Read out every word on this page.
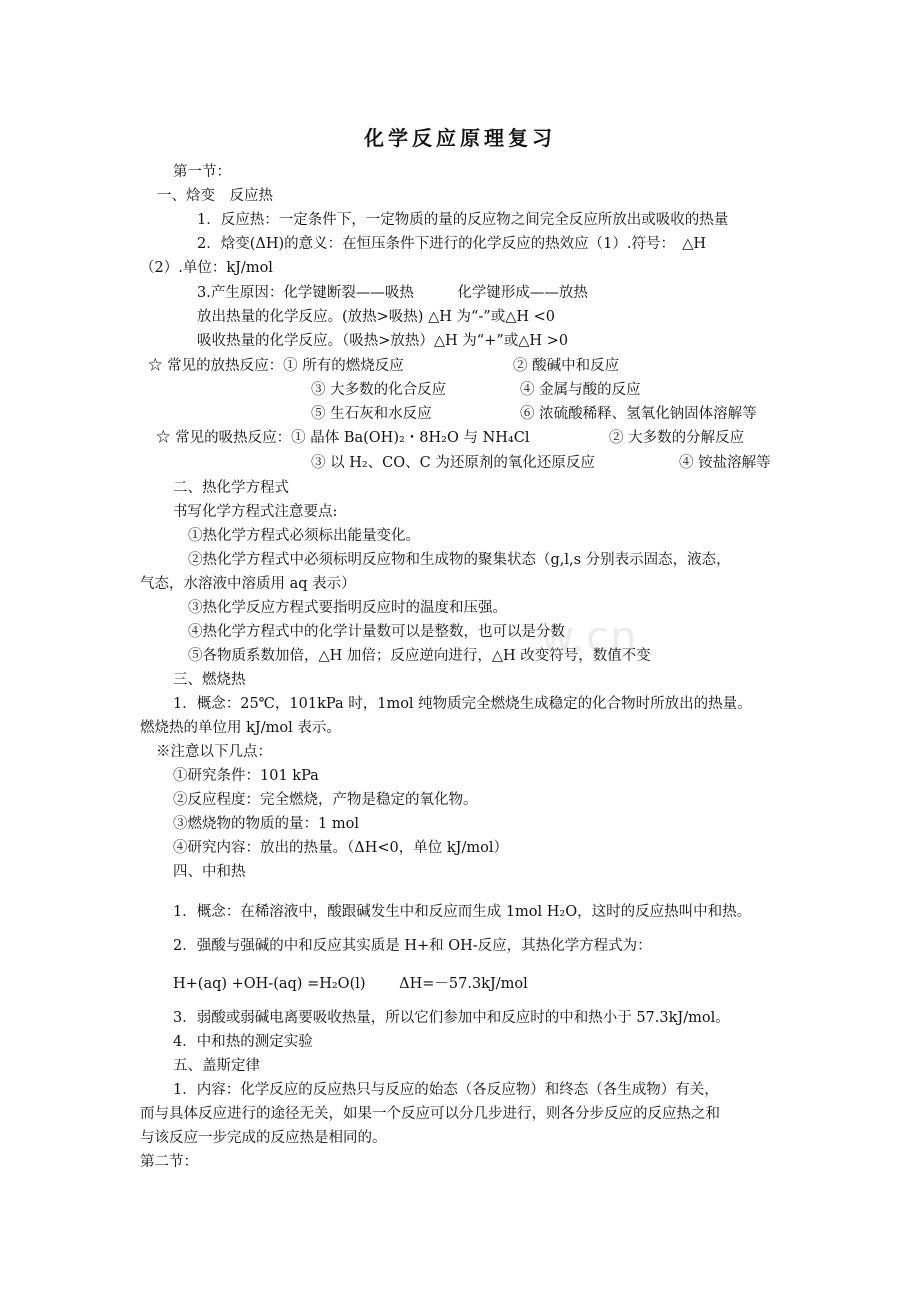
w.cn
化学反应原理复习
第一节：
一、焓变　反应热
1．反应热：一定条件下，一定物质的量的反应物之间完全反应所放出或吸收的热量
2．焓变(ΔH)的意义：在恒压条件下进行的化学反应的热效应（1）.符号：　△H
（2）.单位：kJ/mol
3.产生原因：化学键断裂——吸热　　　化学键形成——放热
放出热量的化学反应。(放热>吸热) △H 为“-”或△H <0
吸收热量的化学反应。（吸热>放热）△H 为“+”或△H >0
☆ 常见的放热反应：① 所有的燃烧反应	② 酸碱中和反应
③ 大多数的化合反应	④ 金属与酸的反应
⑤ 生石灰和水反应	⑥ 浓硫酸稀释、氢氧化钠固体溶解等
☆ 常见的吸热反应：① 晶体 Ba(OH)₂・8H₂O 与 NH₄Cl	② 大多数的分解反应
③ 以 H₂、CO、C 为还原剂的氧化还原反应	④ 铵盐溶解等
二、热化学方程式
书写化学方程式注意要点:
①热化学方程式必须标出能量变化。
②热化学方程式中必须标明反应物和生成物的聚集状态（g,l,s 分别表示固态，液态，
气态，水溶液中溶质用 aq 表示）
③热化学反应方程式要指明反应时的温度和压强。
④热化学方程式中的化学计量数可以是整数，也可以是分数
⑤各物质系数加倍，△H 加倍；反应逆向进行，△H 改变符号，数值不变
三、燃烧热
1．概念：25℃，101kPa 时，1mol 纯物质完全燃烧生成稳定的化合物时所放出的热量。
燃烧热的单位用 kJ/mol 表示。
※注意以下几点：
①研究条件：101 kPa
②反应程度：完全燃烧，产物是稳定的氧化物。
③燃烧物的物质的量：1 mol
④研究内容：放出的热量。（ΔH<0，单位 kJ/mol）
四、中和热
1．概念：在稀溶液中，酸跟碱发生中和反应而生成 1mol H₂O，这时的反应热叫中和热。
2．强酸与强碱的中和反应其实质是 H+和 OH-反应，其热化学方程式为：
H+(aq) +OH-(aq) =H₂O(l)　　 ΔH=－57.3kJ/mol
3．弱酸或弱碱电离要吸收热量，所以它们参加中和反应时的中和热小于 57.3kJ/mol。
4．中和热的测定实验
五、盖斯定律
1．内容：化学反应的反应热只与反应的始态（各反应物）和终态（各生成物）有关，
而与具体反应进行的途径无关，如果一个反应可以分几步进行，则各分步反应的反应热之和
与该反应一步完成的反应热是相同的。
第二节：
